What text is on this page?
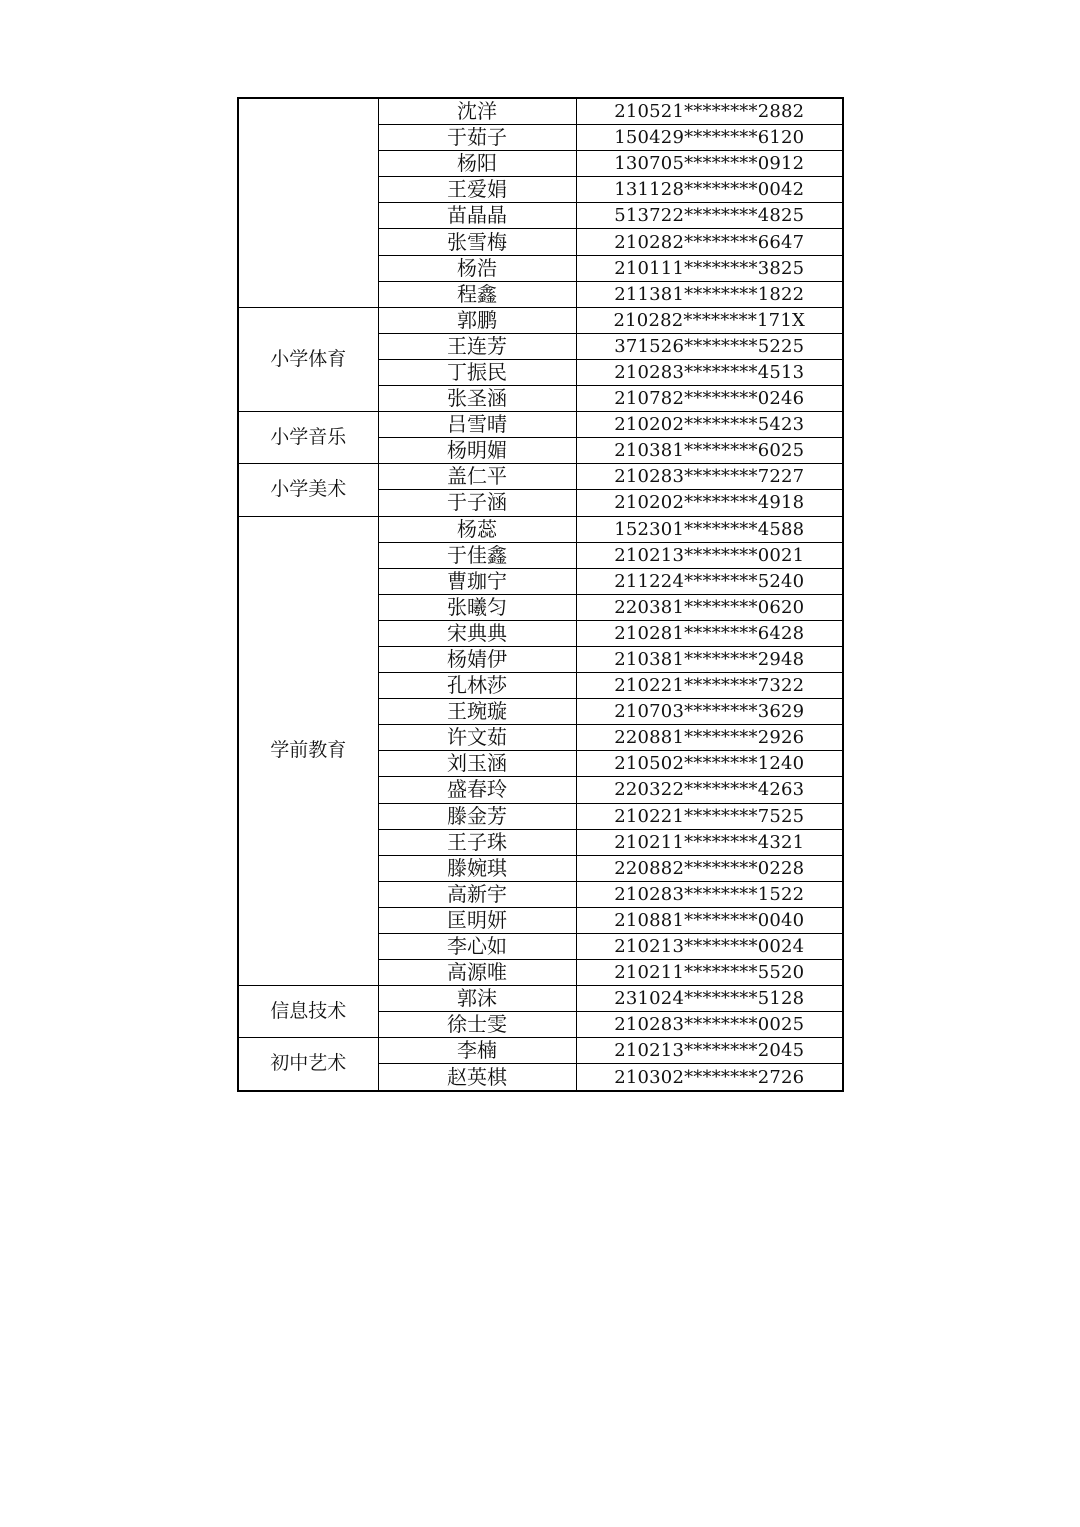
	沈洋	210521********2882
	于茹子	150429********6120
	杨阳	130705********0912
	王爱娟	131128********0042
	苗晶晶	513722********4825
	张雪梅	210282********6647
	杨浩	210111********3825
	程鑫	211381********1822
小学体育	郭鹏	210282********171X
	王连芳	371526********5225
	丁振民	210283********4513
	张圣涵	210782********0246
小学音乐	吕雪晴	210202********5423
	杨明媚	210381********6025
小学美术	盖仁平	210283********7227
	于子涵	210202********4918
学前教育	杨蕊	152301********4588
	于佳鑫	210213********0021
	曹珈宁	211224********5240
	张曦匀	220381********0620
	宋典典	210281********6428
	杨婧伊	210381********2948
	孔林莎	210221********7322
	王琬璇	210703********3629
	许文茹	220881********2926
	刘玉涵	210502********1240
	盛春玲	220322********4263
	滕金芳	210221********7525
	王子珠	210211********4321
	滕婉琪	220882********0228
	高新宇	210283********1522
	匡明妍	210881********0040
	李心如	210213********0024
	高源唯	210211********5520
信息技术	郭沫	231024********5128
	徐士雯	210283********0025
初中艺术	李楠	210213********2045
	赵英棋	210302********2726
